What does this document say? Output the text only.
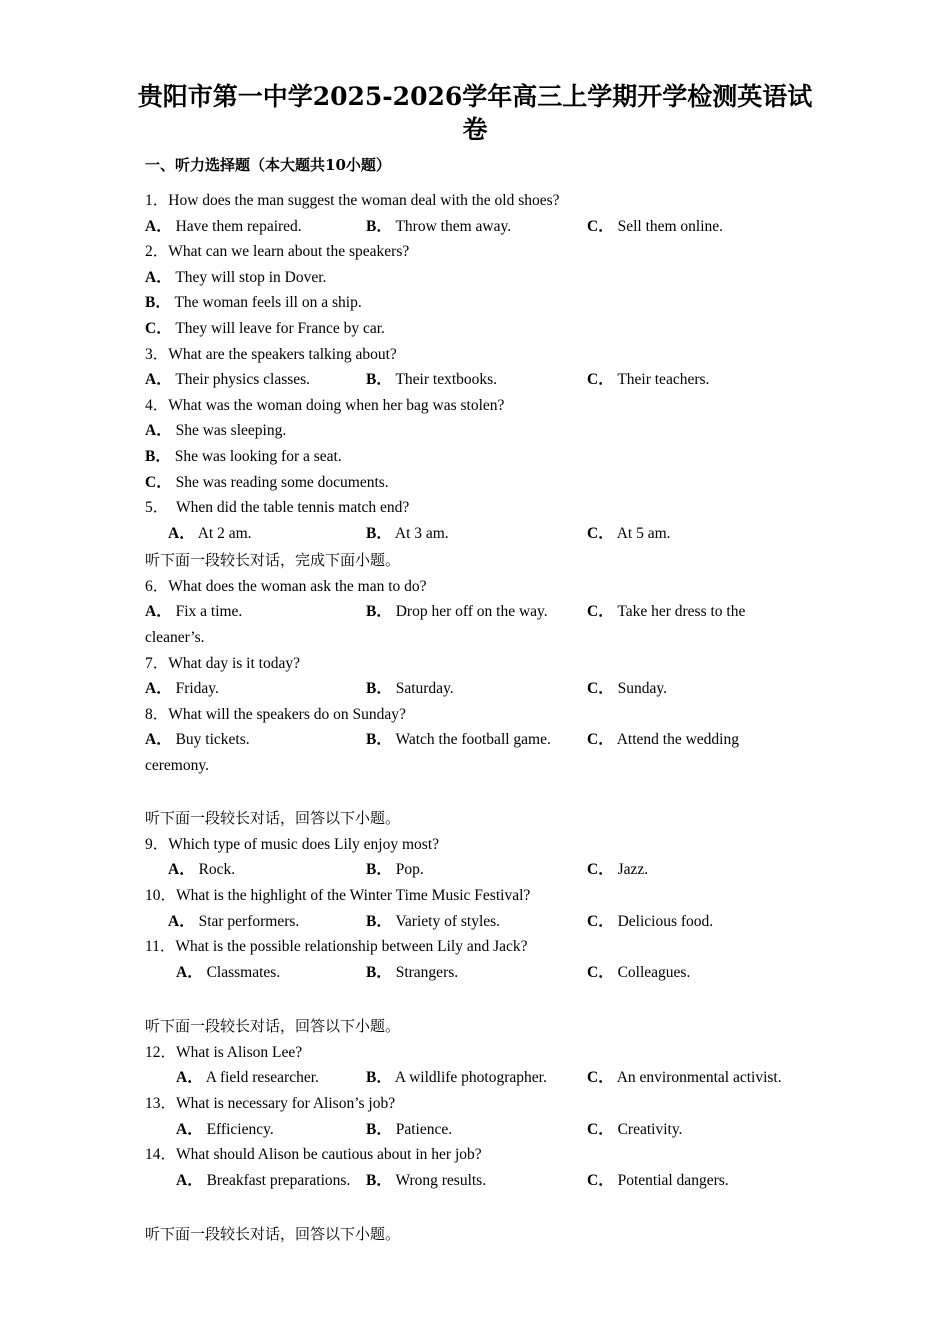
贵阳市第一中学2025-2026学年高三上学期开学检测英语试卷
一、听力选择题（本大题共10小题）
1．How does the man suggest the woman deal with the old shoes?
A． Have them repaired.	B． Throw them away.	C． Sell them online.
2．What can we learn about the speakers?
A． They will stop in Dover.
B． The woman feels ill on a ship.
C． They will leave for France by car.
3．What are the speakers talking about?
A． Their physics classes.	B． Their textbooks.	C． Their teachers.
4．What was the woman doing when her bag was stolen?
A． She was sleeping.
B． She was looking for a seat.
C． She was reading some documents.
5．　When did the table tennis match end?
A． At 2 am.	B． At 3 am.	C． At 5 am.
听下面一段较长对话，完成下面小题。
6．What does the woman ask the man to do?
A． Fix a time.	B． Drop her off on the way.	C． Take her dress to the
cleaner’s.
7．What day is it today?
A． Friday.	B． Saturday.	C． Sunday.
8．What will the speakers do on Sunday?
A． Buy tickets.	B． Watch the football game. C． Attend the wedding
ceremony.
听下面一段较长对话，回答以下小题。
9．Which type of music does Lily enjoy most?
A． Rock.	B． Pop.	C． Jazz.
10．What is the highlight of the Winter Time Music Festival?
A． Star performers.	B． Variety of styles.	C． Delicious food.
11．What is the possible relationship between Lily and Jack?
A． Classmates.	B． Strangers.	C． Colleagues.
听下面一段较长对话，回答以下小题。
12．What is Alison Lee?
A． A field researcher.	B． A wildlife photographer.	C． An environmental activist.
13．What is necessary for Alison’s job?
A． Efficiency.	B． Patience.	C． Creativity.
14．What should Alison be cautious about in her job?
A． Breakfast preparations. B． Wrong results.	C． Potential dangers.
听下面一段较长对话，回答以下小题。
